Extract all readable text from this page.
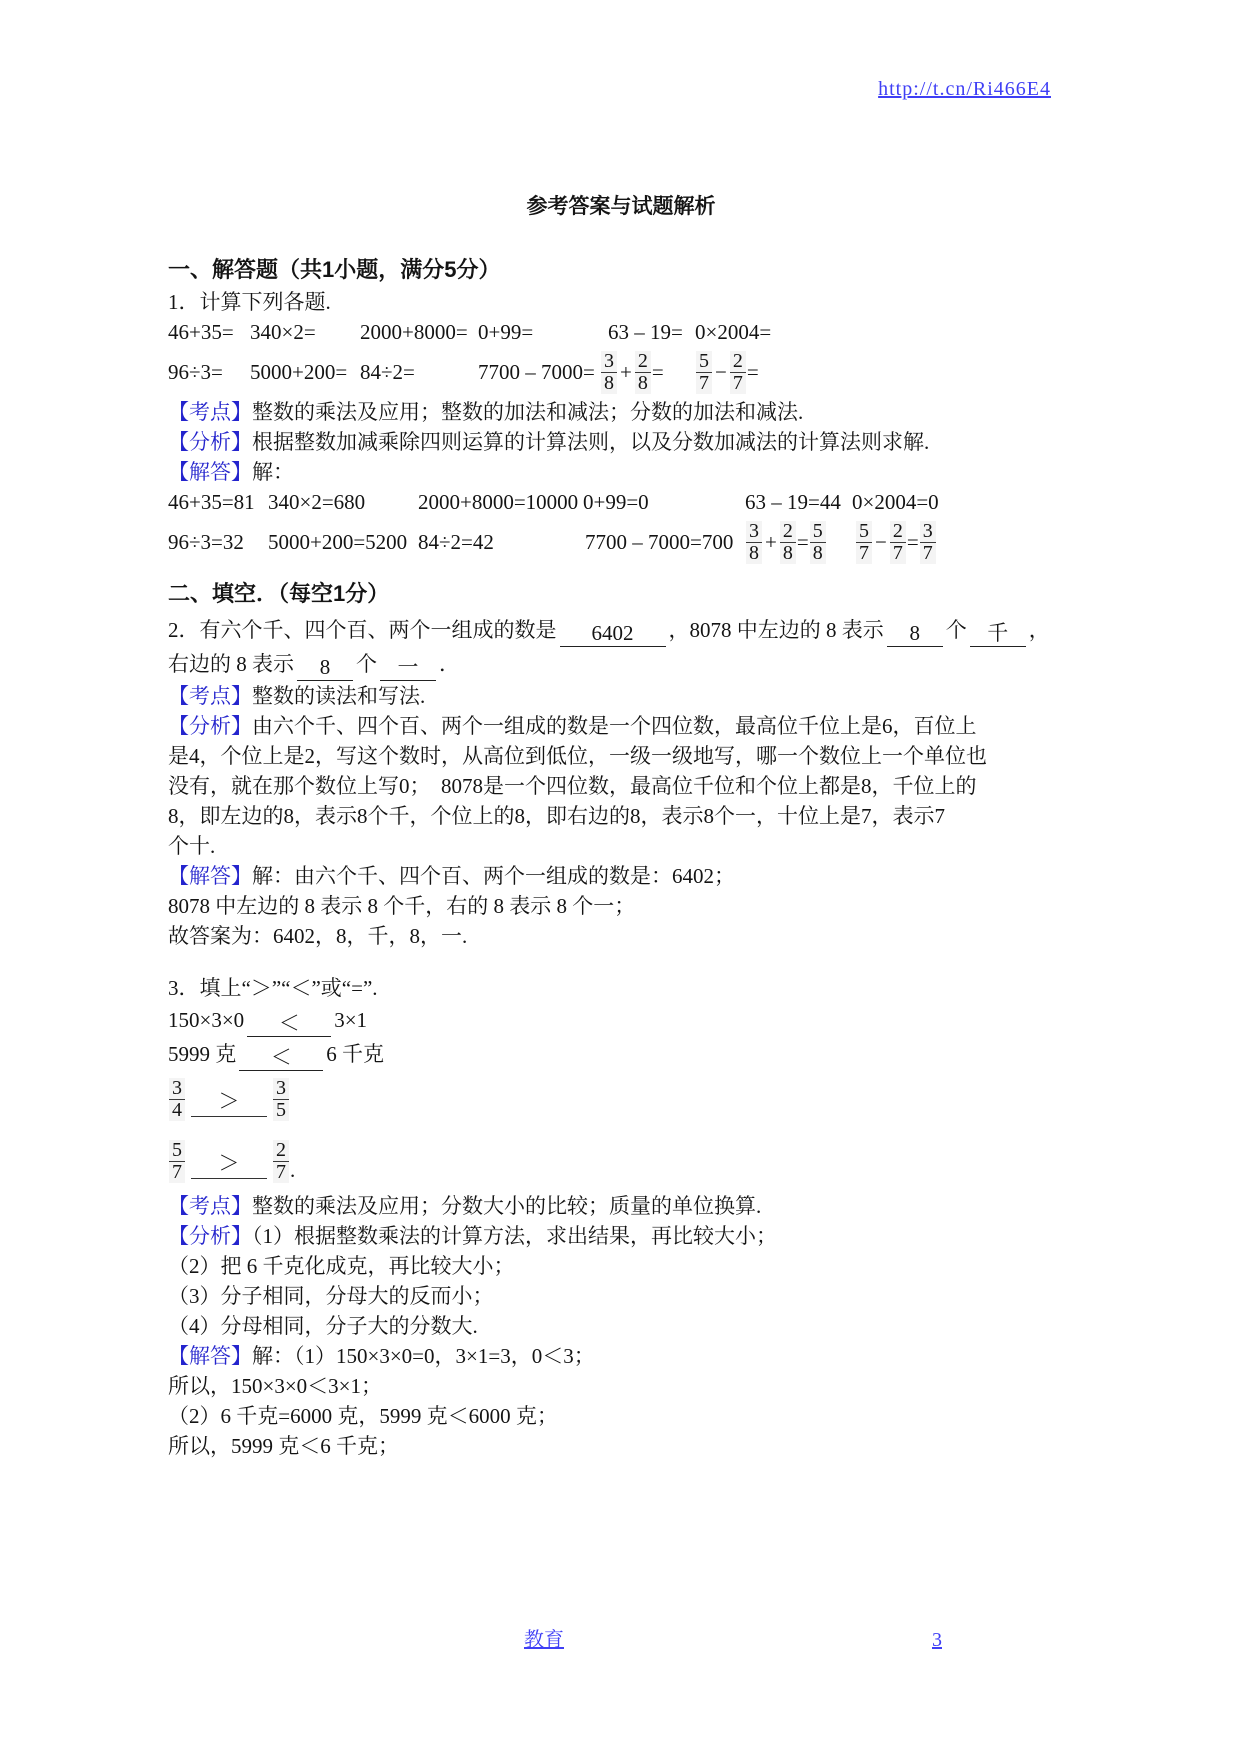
http://t.cn/Ri466E4
参考答案与试题解析
一、解答题（共1小题，满分5分）
1．计算下列各题.
46+35= 340×2= 2000+8000= 0+99=	63 – 19= 0×2004=
96÷3= 5000+200= 84÷2=	$7700 - 7000= \frac{3}{8} + \frac{2}{8} = \frac{5}{7} - \frac{2}{7}$ =
【考点】整数的乘法及应用；整数的加法和减法；分数的加法和减法.
【分析】根据整数加减乘除四则运算的计算法则，以及分数加减法的计算法则求解.
【解答】解：
46+35=81 340×2=680	2000+8000=10000 0+99=0	63 – 19=44 0×2004=0
96÷3=32 5000+200=5200 84÷2=42	$7700 - 7000=700 \frac{3}{8} + \frac{2}{8} = \frac{5}{8} \frac{5}{7} - \frac{2}{7} = \frac{3}{7}$
二、填空．（每空1分）
2．有六个千、四个百、两个一组成的数是 6402 ，8078 中左边的 8 表示 8 个 千 ，
右边的 8 表示 8 个 一 ．
【考点】整数的读法和写法.
【分析】由六个千、四个百、两个一组成的数是一个四位数，最高位千位上是6，百位上
是4，个位上是2，写这个数时，从高位到低位，一级一级地写，哪一个数位上一个单位也
没有，就在那个数位上写0；　8078是一个四位数，最高位千位和个位上都是8，千位上的
8，即左边的8，表示8个千，个位上的8，即右边的8，表示8个一，十位上是7，表示7
个十.
【解答】解：由六个千、四个百、两个一组成的数是：6402；
8078 中左边的 8 表示 8 个千，右的 8 表示 8 个一；
故答案为：6402，8，千，8，一.
3．填上“＞”“＜”或“=”.
150×3×0 ＜ 3×1
5999 克 ＜ 6 千克
$\frac{3}{4}$	＞	$\frac{3}{5}$
$\frac{5}{7}$	＞	$\frac{2}{7}$ .
【考点】整数的乘法及应用；分数大小的比较；质量的单位换算.
【分析】（1）根据整数乘法的计算方法，求出结果，再比较大小；
（2）把 6 千克化成克，再比较大小；
（3）分子相同，分母大的反而小；
（4）分母相同，分子大的分数大.
【解答】解：（1）150×3×0=0，3×1=3，0＜3；
所以，150×3×0＜3×1；
（2）6 千克=6000 克，5999 克＜6000 克；
所以，5999 克＜6 千克；
教育	3
